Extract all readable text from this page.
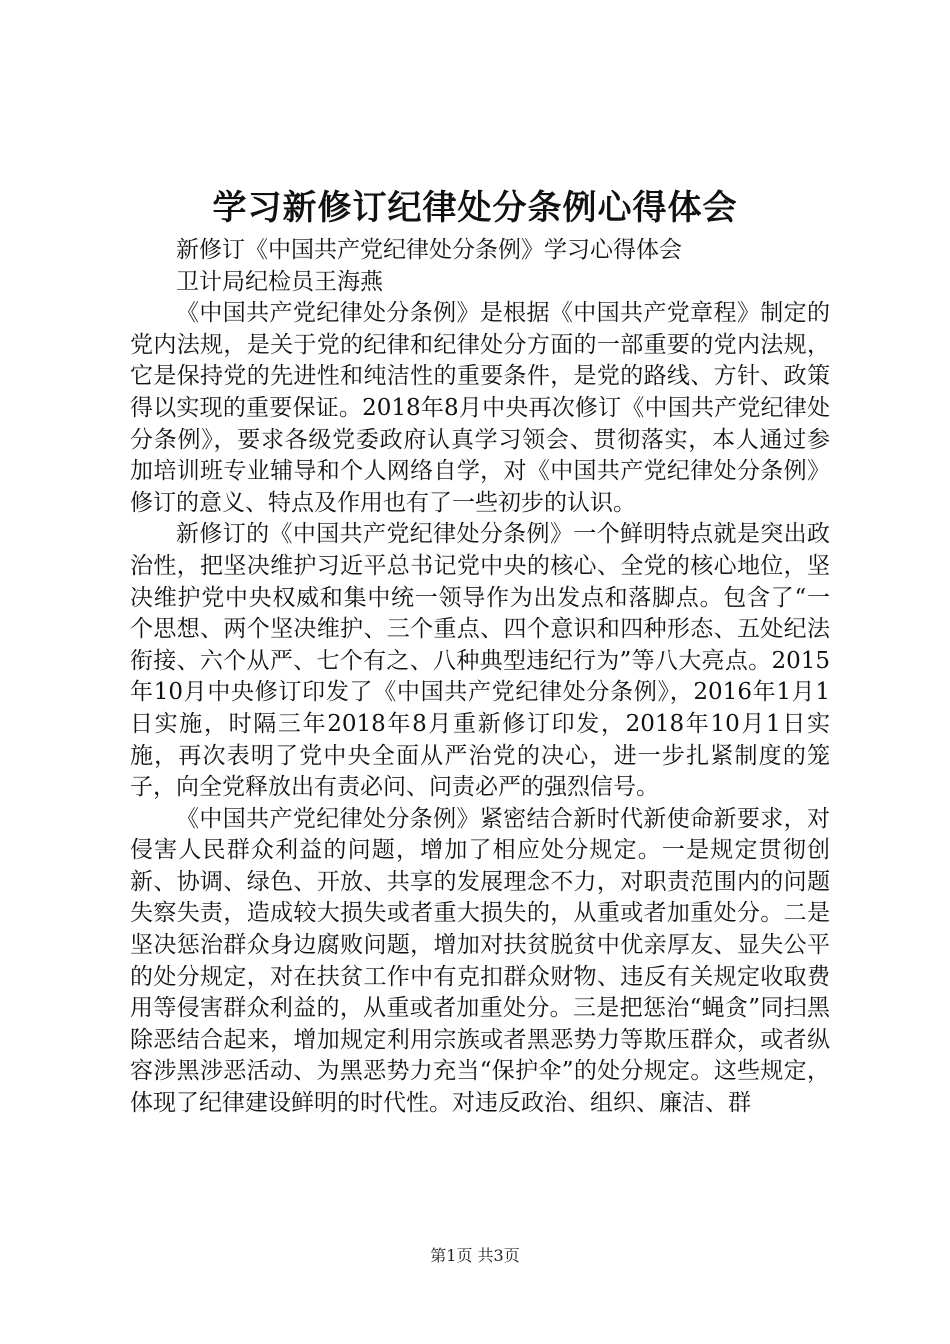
学习新修订纪律处分条例心得体会

新修订《中国共产党纪律处分条例》学习心得体会

卫计局纪检员王海燕

《中国共产党纪律处分条例》是根据《中国共产党章程》制定的党内法规，是关于党的纪律和纪律处分方面的一部重要的党内法规，它是保持党的先进性和纯洁性的重要条件，是党的路线、方针、政策得以实现的重要保证。2018年8月中央再次修订《中国共产党纪律处分条例》，要求各级党委政府认真学习领会、贯彻落实，本人通过参加培训班专业辅导和个人网络自学，对《中国共产党纪律处分条例》修订的意义、特点及作用也有了一些初步的认识。

新修订的《中国共产党纪律处分条例》一个鲜明特点就是突出政治性，把坚决维护习近平总书记党中央的核心、全党的核心地位，坚决维护党中央权威和集中统一领导作为出发点和落脚点。包含了“一个思想、两个坚决维护、三个重点、四个意识和四种形态、五处纪法衔接、六个从严、七个有之、八种典型违纪行为”等八大亮点。2015年10月中央修订印发了《中国共产党纪律处分条例》，2016年1月1日实施，时隔三年2018年8月重新修订印发，2018年10月1日实施，再次表明了党中央全面从严治党的决心，进一步扎紧制度的笼子，向全党释放出有责必问、问责必严的强烈信号。

《中国共产党纪律处分条例》紧密结合新时代新使命新要求，对侵害人民群众利益的问题，增加了相应处分规定。一是规定贯彻创新、协调、绿色、开放、共享的发展理念不力，对职责范围内的问题失察失责，造成较大损失或者重大损失的，从重或者加重处分。二是坚决惩治群众身边腐败问题，增加对扶贫脱贫中优亲厚友、显失公平的处分规定，对在扶贫工作中有克扣群众财物、违反有关规定收取费用等侵害群众利益的，从重或者加重处分。三是把惩治“蝇贪”同扫黑除恶结合起来，增加规定利用宗族或者黑恶势力等欺压群众，或者纵容涉黑涉恶活动、为黑恶势力充当“保护伞”的处分规定。这些规定，体现了纪律建设鲜明的时代性。对违反政治、组织、廉洁、群

第1页 共3页
